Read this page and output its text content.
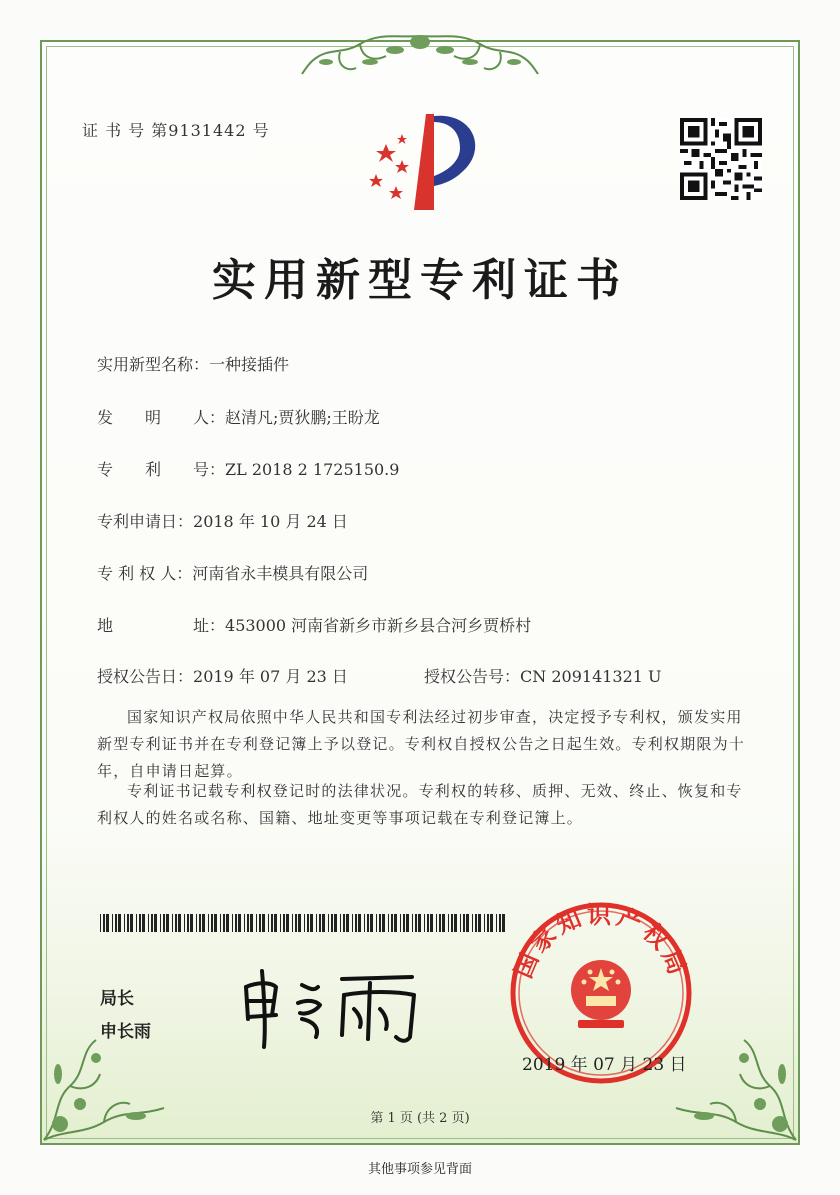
证 书 号 第9131442 号
实用新型专利证书
实用新型名称：一种接插件
发　　明　　人：赵清凡;贾狄鹏;王盼龙
专　　利　　号：ZL 2018 2 1725150.9
专利申请日：2018 年 10 月 24 日
专 利 权 人：河南省永丰模具有限公司
地　　　　　址：453000 河南省新乡市新乡县合河乡贾桥村
授权公告日：2019 年 07 月 23 日	授权公告号：CN 209141321 U
国家知识产权局依照中华人民共和国专利法经过初步审查，决定授予专利权，颁发实用新型专利证书并在专利登记簿上予以登记。专利权自授权公告之日起生效。专利权期限为十年，自申请日起算。
专利证书记载专利权登记时的法律状况。专利权的转移、质押、无效、终止、恢复和专利权人的姓名或名称、国籍、地址变更等事项记载在专利登记簿上。
局长
申长雨
国家知识产权局
2019 年 07 月 23 日
第 1 页 (共 2 页)
其他事项参见背面
